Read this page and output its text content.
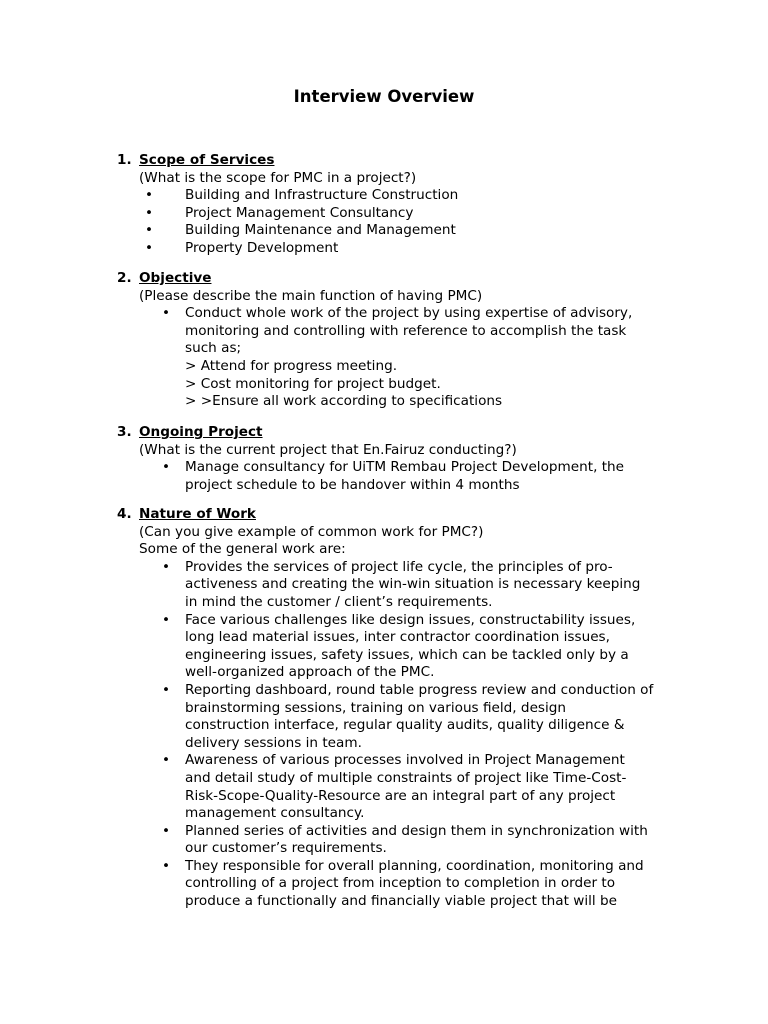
Interview Overview
1. Scope of Services
(What is the scope for PMC in a project?)
• Building and Infrastructure Construction
• Project Management Consultancy
• Building Maintenance and Management
• Property Development
2. Objective
(Please describe the main function of having PMC)
• Conduct whole work of the project by using expertise of advisory,
monitoring and controlling with reference to accomplish the task
such as;
> Attend for progress meeting.
> Cost monitoring for project budget.
> >Ensure all work according to specifications
3. Ongoing Project
(What is the current project that En.Fairuz conducting?)
• Manage consultancy for UiTM Rembau Project Development, the
project schedule to be handover within 4 months
4. Nature of Work
(Can you give example of common work for PMC?)
Some of the general work are:
• Provides the services of project life cycle, the principles of pro-
activeness and creating the win-win situation is necessary keeping
in mind the customer / client’s requirements.
• Face various challenges like design issues, constructability issues,
long lead material issues, inter contractor coordination issues,
engineering issues, safety issues, which can be tackled only by a
well-organized approach of the PMC.
• Reporting dashboard, round table progress review and conduction of
brainstorming sessions, training on various field, design
construction interface, regular quality audits, quality diligence &
delivery sessions in team.
• Awareness of various processes involved in Project Management
and detail study of multiple constraints of project like Time-Cost-
Risk-Scope-Quality-Resource are an integral part of any project
management consultancy.
• Planned series of activities and design them in synchronization with
our customer’s requirements.
• They responsible for overall planning, coordination, monitoring and
controlling of a project from inception to completion in order to
produce a functionally and financially viable project that will be
